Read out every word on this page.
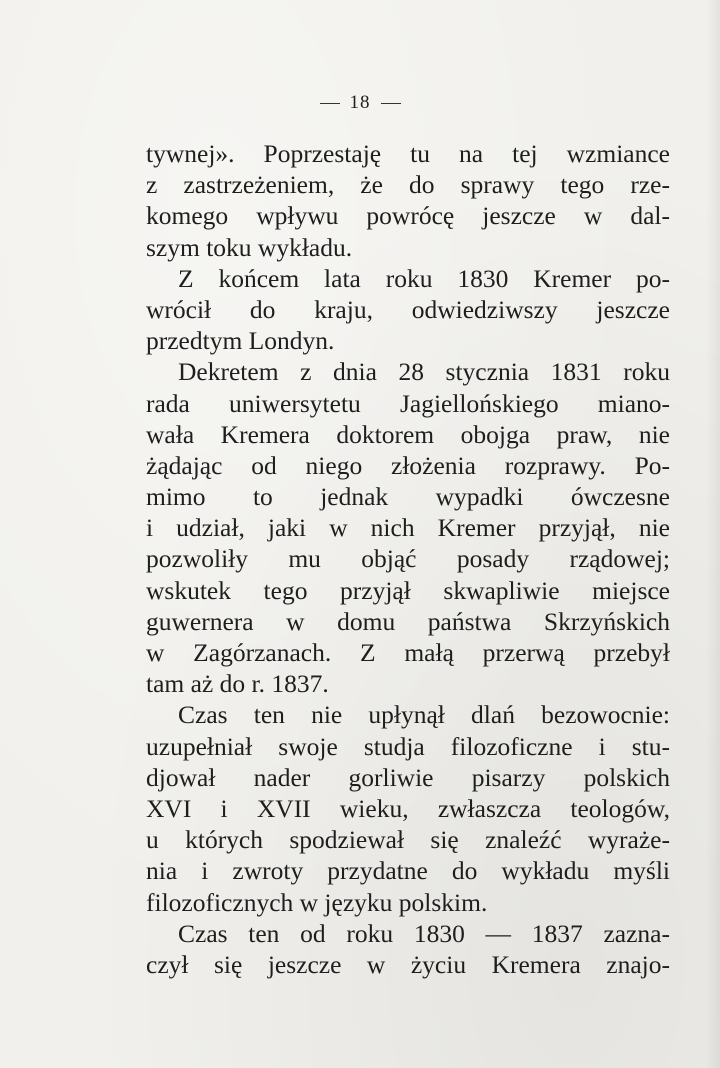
18
tywnej». Poprzestaję tu na tej wzmiance
z zastrzeżeniem, że do sprawy tego rze-
komego wpływu powrócę jeszcze w dal-
szym toku wykładu.
Z końcem lata roku 1830 Kremer po-
wrócił do kraju, odwiedziwszy jeszcze
przedtym Londyn.
Dekretem z dnia 28 stycznia 1831 roku
rada uniwersytetu Jagiellońskiego miano-
wała Kremera doktorem obojga praw, nie
żądając od niego złożenia rozprawy. Po-
mimo to jednak wypadki ówczesne
i udział, jaki w nich Kremer przyjął, nie
pozwoliły mu objąć posady rządowej;
wskutek tego przyjął skwapliwie miejsce
guwernera w domu państwa Skrzyńskich
w Zagórzanach. Z małą przerwą przebył
tam aż do r. 1837.
Czas ten nie upłynął dlań bezowocnie:
uzupełniał swoje studja filozoficzne i stu-
djował nader gorliwie pisarzy polskich
XVI i XVII wieku, zwłaszcza teologów,
u których spodziewał się znaleźć wyraże-
nia i zwroty przydatne do wykładu myśli
filozoficznych w języku polskim.
Czas ten od roku 1830 — 1837 zazna-
czył się jeszcze w życiu Kremera znajo-
